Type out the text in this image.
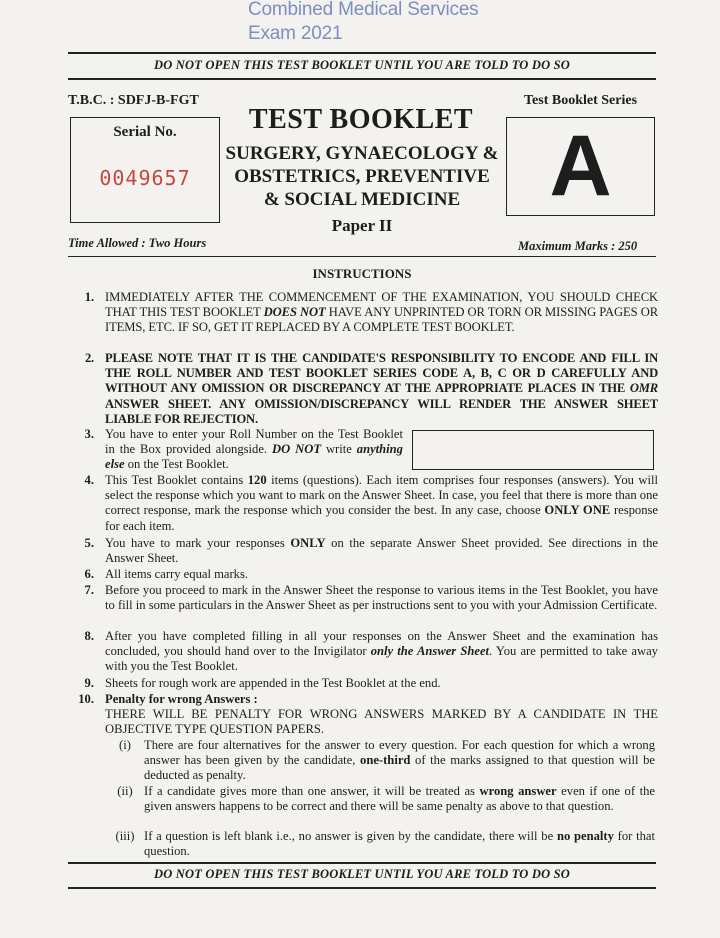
Combined Medical Services
Exam 2021
DO NOT OPEN THIS TEST BOOKLET UNTIL YOU ARE TOLD TO DO SO
T.B.C. : SDFJ-B-FGT	Test Booklet Series
Serial No.
0049657
TEST BOOKLET
SURGERY, GYNAECOLOGY &
OBSTETRICS, PREVENTIVE
& SOCIAL MEDICINE
Paper II
A
Time Allowed : Two Hours	Maximum Marks : 250
INSTRUCTIONS
1. IMMEDIATELY AFTER THE COMMENCEMENT OF THE EXAMINATION, YOU SHOULD CHECK THAT THIS TEST BOOKLET DOES NOT HAVE ANY UNPRINTED OR TORN OR MISSING PAGES OR ITEMS, ETC. IF SO, GET IT REPLACED BY A COMPLETE TEST BOOKLET.
2. PLEASE NOTE THAT IT IS THE CANDIDATE'S RESPONSIBILITY TO ENCODE AND FILL IN THE ROLL NUMBER AND TEST BOOKLET SERIES CODE A, B, C OR D CAREFULLY AND WITHOUT ANY OMISSION OR DISCREPANCY AT THE APPROPRIATE PLACES IN THE OMR ANSWER SHEET. ANY OMISSION/DISCREPANCY WILL RENDER THE ANSWER SHEET LIABLE FOR REJECTION.
3. You have to enter your Roll Number on the Test Booklet in the Box provided alongside. DO NOT write anything else on the Test Booklet.
4. This Test Booklet contains 120 items (questions). Each item comprises four responses (answers). You will select the response which you want to mark on the Answer Sheet. In case, you feel that there is more than one correct response, mark the response which you consider the best. In any case, choose ONLY ONE response for each item.
5. You have to mark your responses ONLY on the separate Answer Sheet provided. See directions in the Answer Sheet.
6. All items carry equal marks.
7. Before you proceed to mark in the Answer Sheet the response to various items in the Test Booklet, you have to fill in some particulars in the Answer Sheet as per instructions sent to you with your Admission Certificate.
8. After you have completed filling in all your responses on the Answer Sheet and the examination has concluded, you should hand over to the Invigilator only the Answer Sheet. You are permitted to take away with you the Test Booklet.
9. Sheets for rough work are appended in the Test Booklet at the end.
10. Penalty for wrong Answers :
THERE WILL BE PENALTY FOR WRONG ANSWERS MARKED BY A CANDIDATE IN THE OBJECTIVE TYPE QUESTION PAPERS.
(i)	There are four alternatives for the answer to every question. For each question for which a wrong answer has been given by the candidate, one-third of the marks assigned to that question will be deducted as penalty.
(ii) If a candidate gives more than one answer, it will be treated as wrong answer even if one of the given answers happens to be correct and there will be same penalty as above to that question.
(iii) If a question is left blank i.e., no answer is given by the candidate, there will be no penalty for that question.
DO NOT OPEN THIS TEST BOOKLET UNTIL YOU ARE TOLD TO DO SO
